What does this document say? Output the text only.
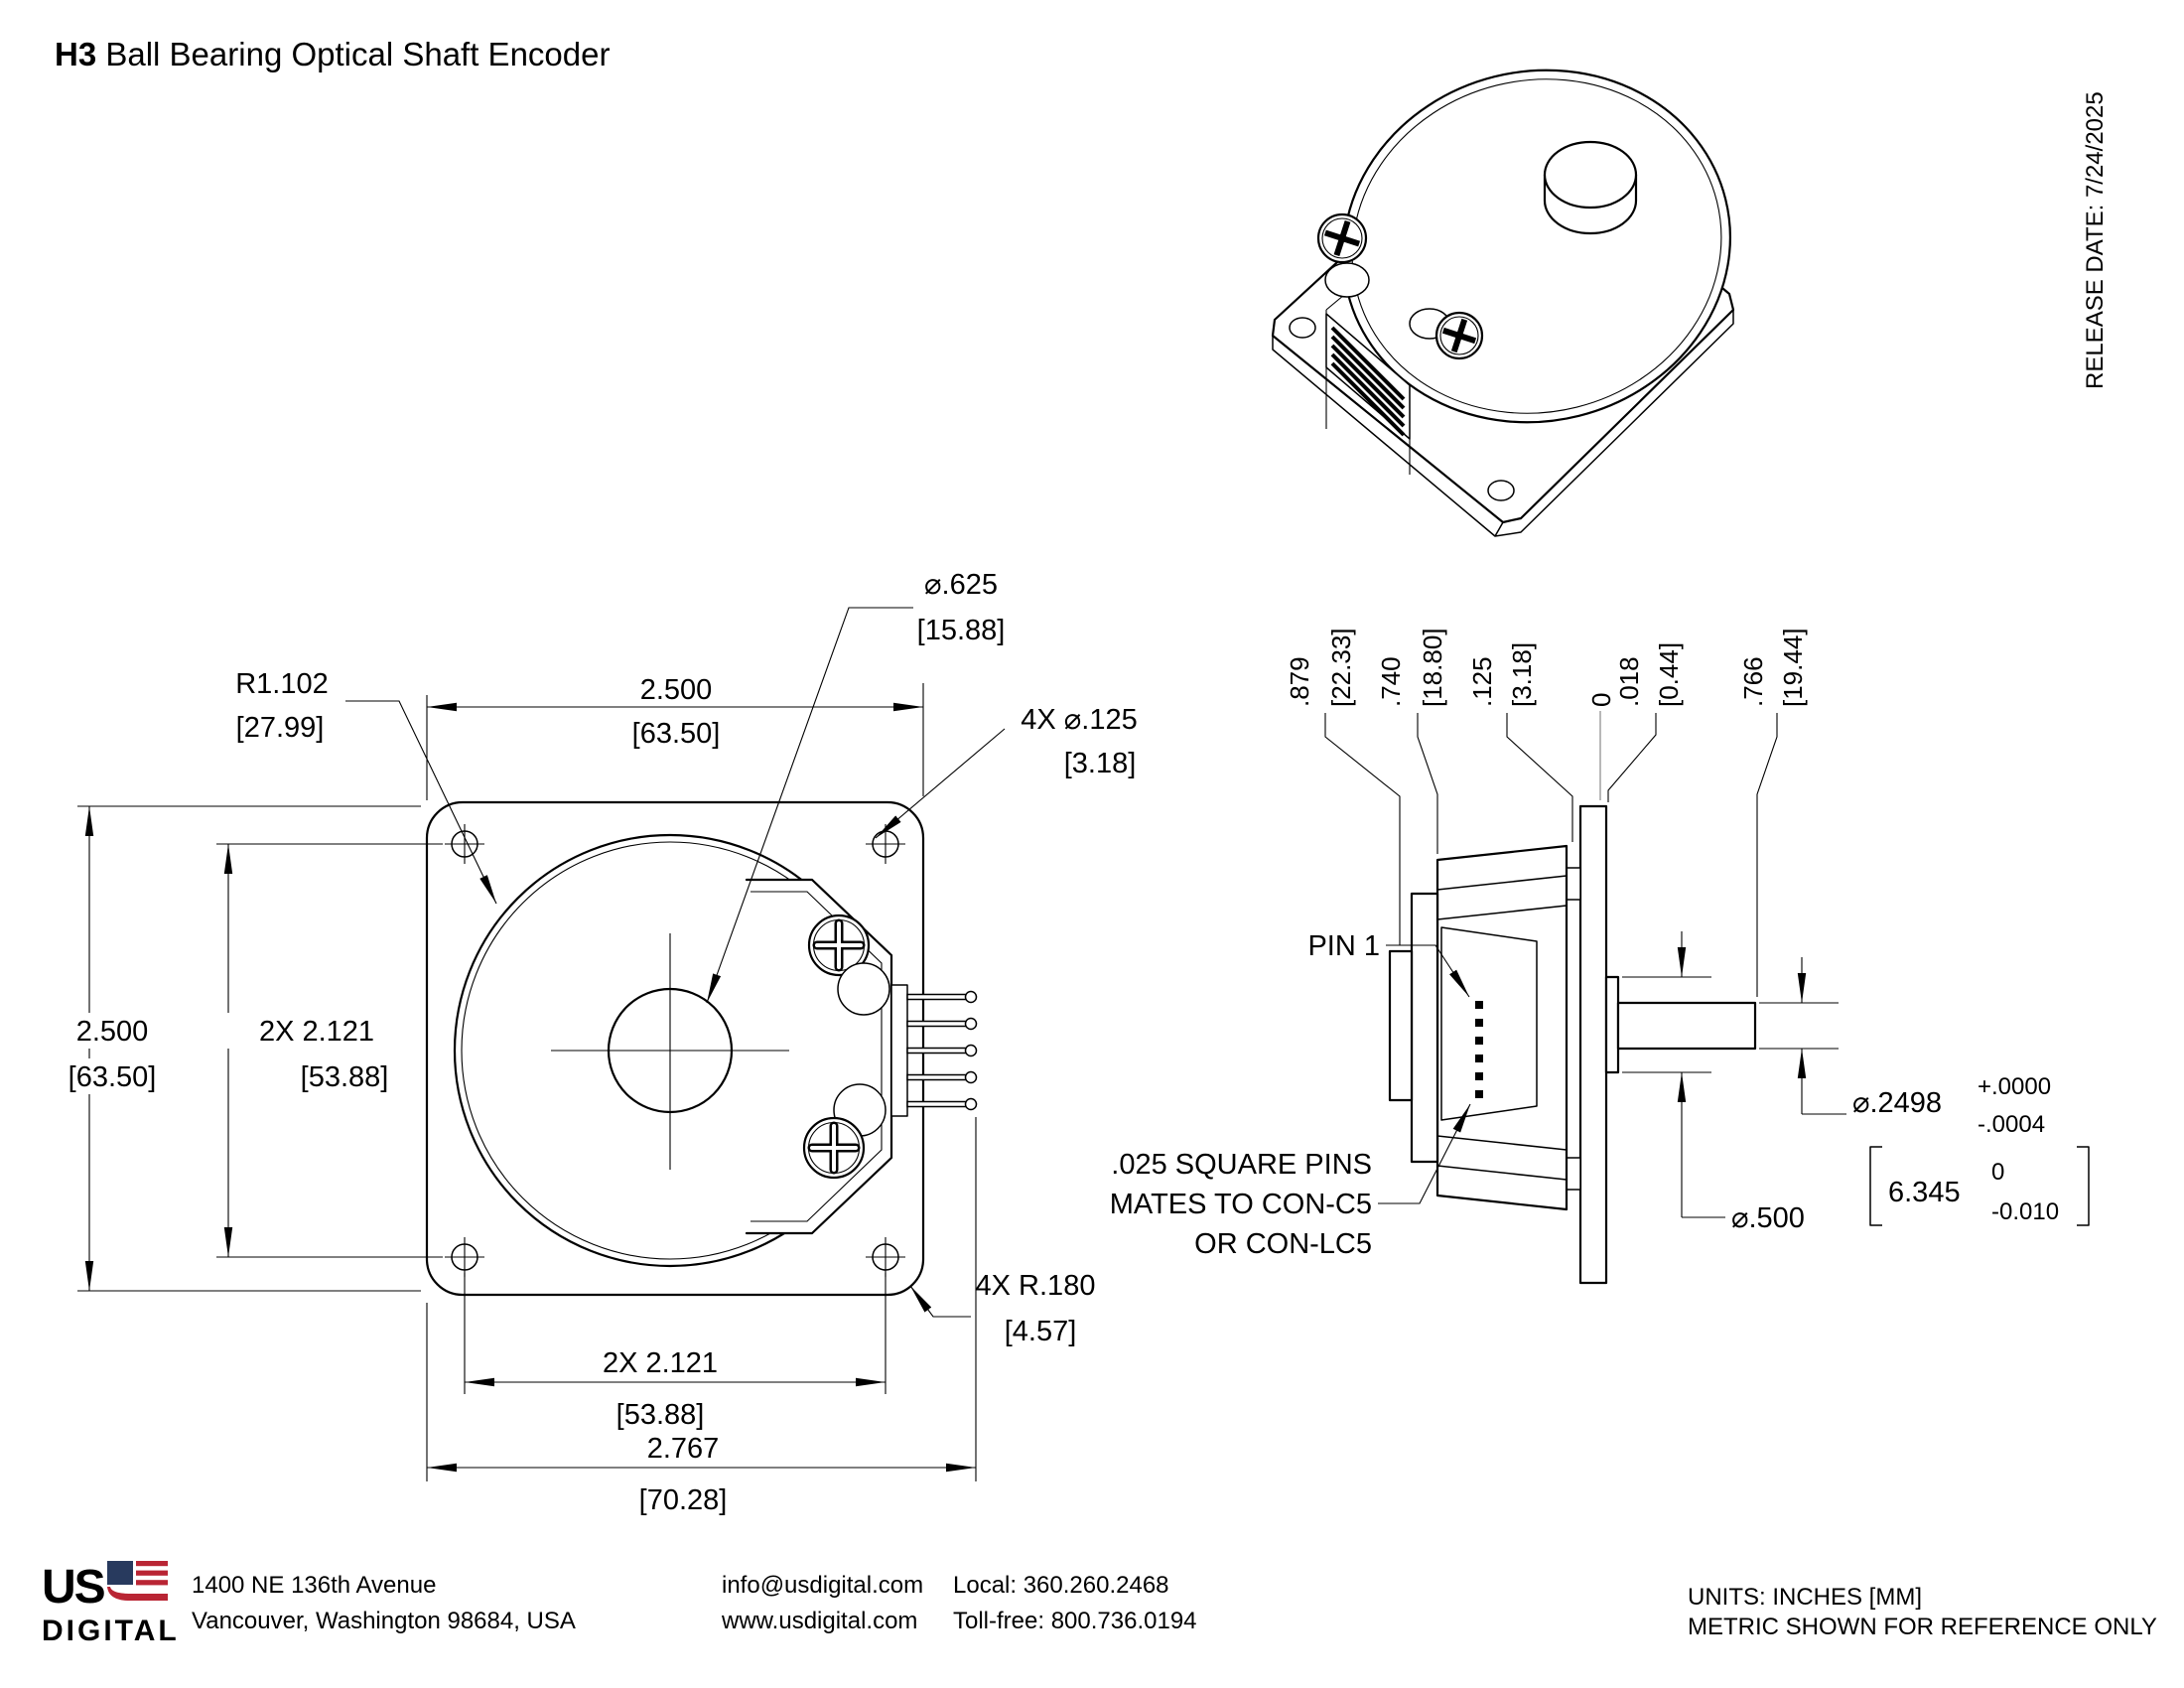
H3 Ball Bearing Optical Shaft Encoder
RELEASE DATE: 7/24/2025
2.500
[63.50]
2.500
[63.50]
2X 2.121
[53.88]
2X 2.121
[53.88]
2.767
[70.28]
R1.102
[27.99]
⌀.625
[15.88]
4X ⌀.125
[3.18]
4X R.180
[4.57]
.879 [22.33] .740 [18.80] .125 [3.18] 0
.018 [0.44] .766 [19.44]
PIN 1
.025 SQUARE PINS
MATES TO CON-C5
OR CON-LC5
⌀.500
⌀.2498
+.0000
-.0004
6.345
0
-0.010
US
DIGITAL
1400 NE 136th Avenue
Vancouver, Washington 98684, USA
info@usdigital.com
www.usdigital.com
Local: 360.260.2468
Toll-free: 800.736.0194
UNITS: INCHES [MM]
METRIC SHOWN FOR REFERENCE ONLY
